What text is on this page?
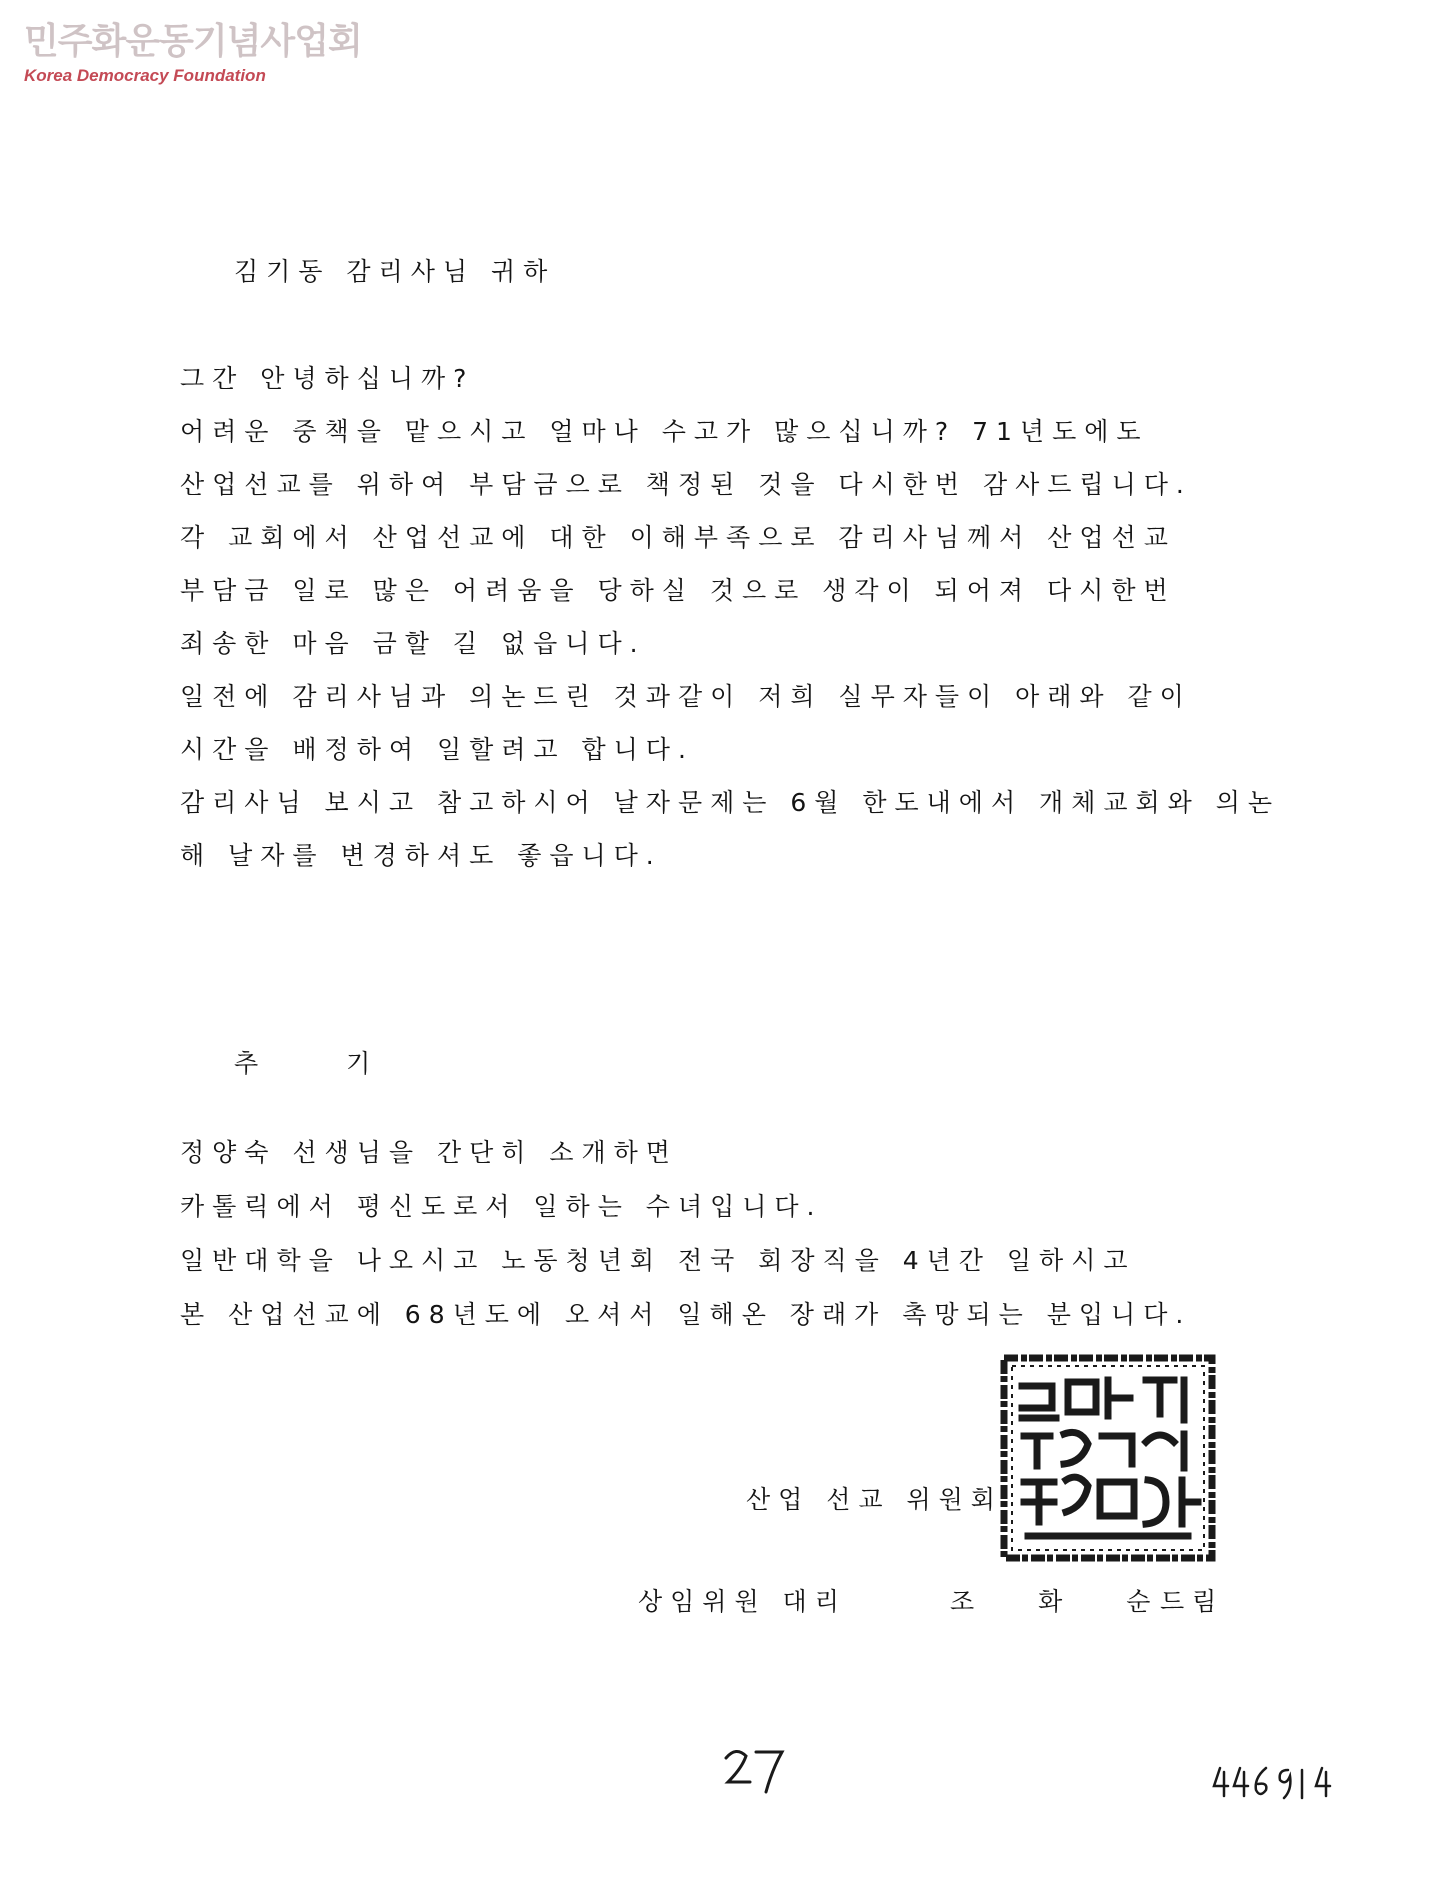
민주화운동기념사업회
Korea Democracy Foundation
김기동 감리사님 귀하
그간 안녕하십니까?
어려운 중책을 맡으시고 얼마나 수고가 많으십니까? 71년도에도
산업선교를 위하여 부담금으로 책정된 것을 다시한번 감사드립니다.
각 교회에서 산업선교에 대한 이해부족으로 감리사님께서 산업선교
부담금 일로 많은 어려움을 당하실 것으로 생각이 되어져 다시한번
죄송한 마음 금할 길 없읍니다.
일전에 감리사님과 의논드린 것과같이 저희 실무자들이 아래와 같이
시간을 배정하여 일할려고 합니다.
감리사님 보시고 참고하시어 날자문제는 6월 한도내에서 개체교회와 의논
해 날자를 변경하셔도 좋읍니다.
추 기
정양숙 선생님을 간단히 소개하면
카톨릭에서 평신도로서 일하는 수녀입니다.
일반대학을 나오시고 노동청년회 전국 회장직을 4년간 일하시고
본 산업선교에 68년도에 오셔서 일해온 장래가 촉망되는 분입니다.
산업 선교 위원회
상임위원 대리	조 화 순
드림
